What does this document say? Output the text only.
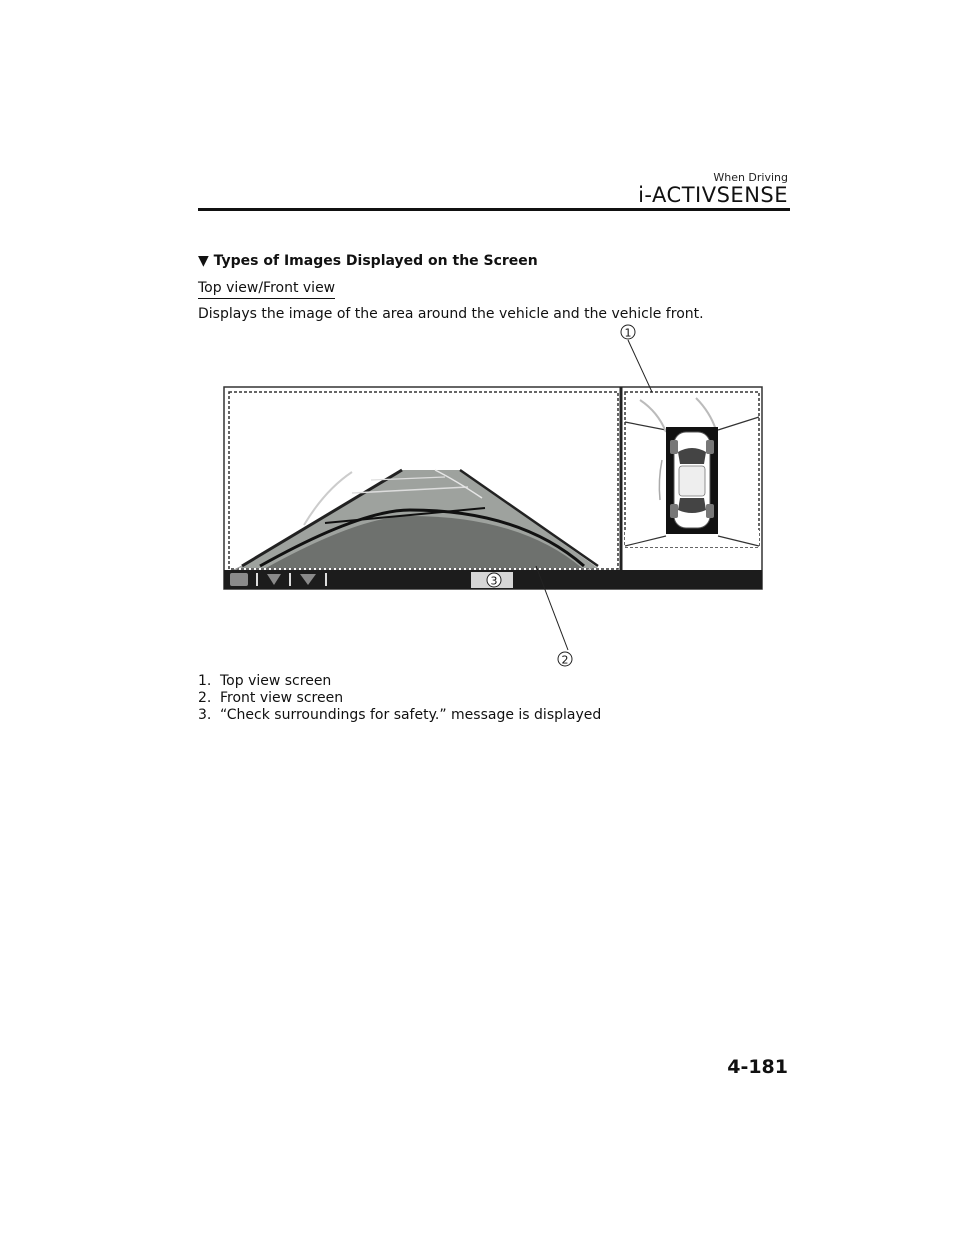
When Driving
i-ACTIVSENSE
▼ Types of Images Displayed on the Screen
Top view/Front view
Displays the image of the area around the vehicle and the vehicle front.
1
2
3
1. Top view screen
2. Front view screen
3. “Check surroundings for safety.” message is displayed
4-181
